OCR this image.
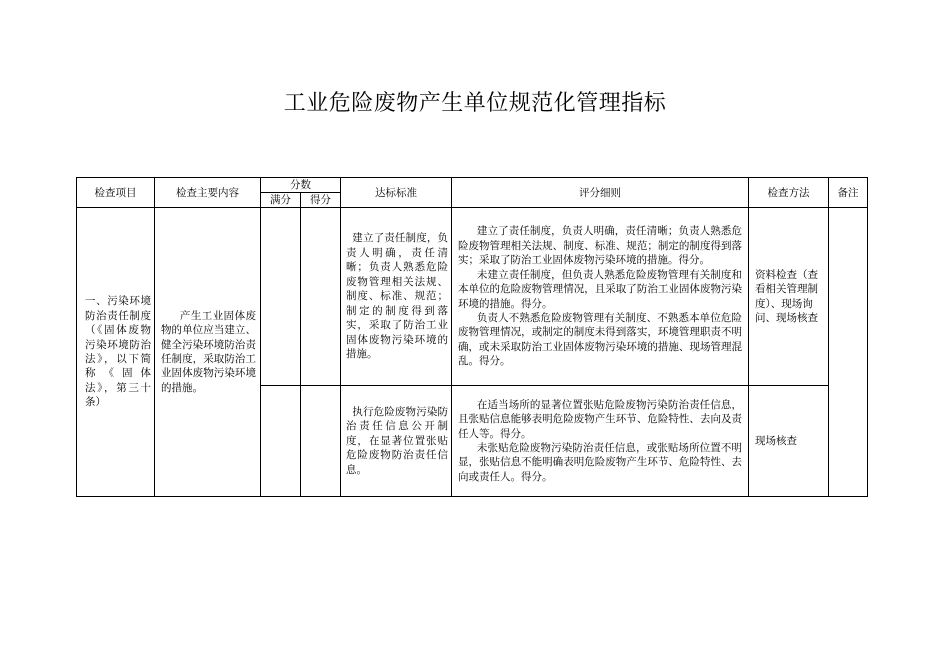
工业危险废物产生单位规范化管理指标
检查项目	检查主要内容	分数		达标标准	评分细则	检查方法	备注
		满分	得分				

一、污染环境防治责任制度（《固体废物污染环境防治法》，以下简称《固体法》，第三十条）	产生工业固体废物的单位应当建立、健全污染环境防治责任制度，采取防治工业固体废物污染环境的措施。			建立了责任制度，负责人明确，责任清晰；负责人熟悉危险废物管理相关法规、制度、标准、规范；制定的制度得到落实，采取了防治工业固体废物污染环境的措施。	建立了责任制度，负责人明确，责任清晰；负责人熟悉危险废物管理相关法规、制度、标准、规范；制定的制度得到落实；采取了防治工业固体废物污染环境的措施。得分。

未建立责任制度，但负责人熟悉危险废物管理有关制度和本单位的危险废物管理情况，且采取了防治工业固体废物污染环境的措施。得分。

负责人不熟悉危险废物管理有关制度、不熟悉本单位危险废物管理情况，或制定的制度未得到落实，环境管理职责不明确，或未采取防治工业固体废物污染环境的措施、现场管理混乱。得分。	资料检查（查看相关管理制度）、现场询问、现场核查	

				执行危险废物污染防治责任信息公开制度，在显著位置张贴危险废物防治责任信息。	在适当场所的显著位置张贴危险废物污染防治责任信息，且张贴信息能够表明危险废物产生环节、危险特性、去向及责任人等。得分。

未张贴危险废物污染防治责任信息，或张贴场所位置不明显，张贴信息不能明确表明危险废物产生环节、危险特性、去向或责任人。得分。	现场核查	
